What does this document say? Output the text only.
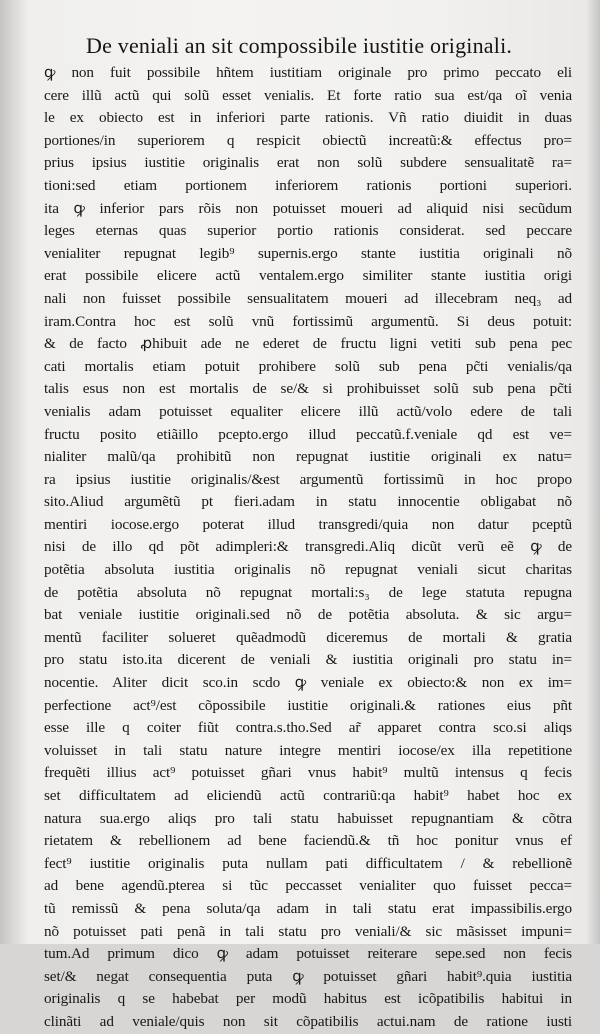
De veniali an sit compossibile iustitie originali.
ꝙ non fuit possibile hñtem iustitiam originale pro primo peccato eli
cere illũ actũ qui solũ esset venialis. Et forte ratio sua est/qa oĩ venia
le ex obiecto est in inferiori parte rationis. Vñ ratio diuidit in duas
portiones/in superiorem q respicit obiectũ increatũ:& effectus pro=
prius ipsius iustitie originalis erat non solũ subdere sensualitatẽ ra=
tioni:sed etiam portionem inferiorem rationis portioni superiori.
ita ꝙ inferior pars rõis non potuisset moueri ad aliquid nisi secũdum
leges eternas quas superior portio rationis considerat. sed peccare
venialiter repugnat legib⁹ supernis.ergo stante iustitia originali nõ
erat possibile elicere actũ ventalem.ergo similiter stante iustitia origi
nali non fuisset possibile sensualitatem moueri ad illecebram neq₃ ad
iram.Contra hoc est solũ vnũ fortissimũ argumentũ. Si deus potuit:
& de facto ꝓhibuit ade ne ederet de fructu ligni vetiti sub pena pec
cati mortalis etiam potuit prohibere solũ sub pena pc̃ti venialis/qa
talis esus non est mortalis de se/& si prohibuisset solũ sub pena pc̃ti
venialis adam potuisset equaliter elicere illũ actũ/volo edere de tali
fructu posito etiãillo pcepto.ergo illud peccatũ.f.veniale qd est ve=
nialiter malũ/qa prohibitũ non repugnat iustitie originali ex natu=
ra ipsius iustitie originalis/&est argumentũ fortissimũ in hoc propo
sito.Aliud argumẽtũ pt fieri.adam in statu innocentie obligabat nõ
mentiri iocose.ergo poterat illud transgredi/quia non datur pceptũ
nisi de illo qd põt adimpleri:& transgredi.Aliq dicũt verũ eẽ ꝙ de
potẽtia absoluta iustitia originalis nõ repugnat veniali sicut charitas
de potẽtia absoluta nõ repugnat mortali:s₃ de lege statuta repugna
bat veniale iustitie originali.sed nõ de potẽtia absoluta. & sic argu=
mentũ faciliter solueret quẽadmodũ diceremus de mortali & gratia
pro statu isto.ita dicerent de veniali & iustitia originali pro statu in=
nocentie. Aliter dicit sco.in scdo ꝙ veniale ex obiecto:& non ex im=
perfectione act⁹/est cõpossibile iustitie originali.& rationes eius pñt
esse ille q coiter fiũt contra.s.tho.Sed ar̃ apparet contra sco.si aliqs
voluisset in tali statu nature integre mentiri iocose/ex illa repetitione
frequẽti illius act⁹ potuisset gñari vnus habit⁹ multũ intensus q fecis
set difficultatem ad eliciendũ actũ contrariũ:qa habit⁹ habet hoc ex
natura sua.ergo aliqs pro tali statu habuisset repugnantiam & cõtra
rietatem & rebellionem ad bene faciendũ.& tñ hoc ponitur vnus ef
fect⁹ iustitie originalis puta nullam pati difficultatem / & rebellionẽ
ad bene agendũ.pterea si tũc peccasset venialiter quo fuisset pecca=
tũ remissũ & pena soluta/qa adam in tali statu erat impassibilis.ergo
nõ potuisset pati penã in tali statu pro veniali/& sic mãsisset impuni=
tum.Ad primum dico ꝙ adam potuisset reiterare sepe.sed non fecis
set/& negat consequentia puta ꝙ potuisset gñari habit⁹.quia iustitia
originalis q se habebat per modũ habitus est icõpatibilis habitui in
clinãti ad veniale/quis non sit cõpatibilis actui.nam de ratione iusti
